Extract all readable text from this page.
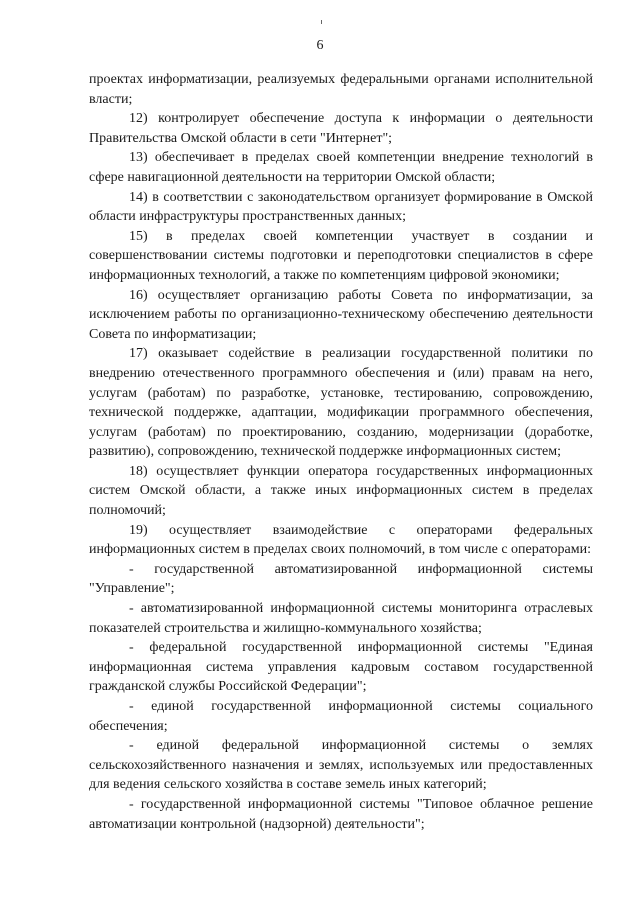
6

проектах информатизации, реализуемых федеральными органами исполнительной власти;

12) контролирует обеспечение доступа к информации о деятельности Правительства Омской области в сети "Интернет";

13) обеспечивает в пределах своей компетенции внедрение технологий в сфере навигационной деятельности на территории Омской области;

14) в соответствии с законодательством организует формирование в Омской области инфраструктуры пространственных данных;

15) в пределах своей компетенции участвует в создании и совершенствовании системы подготовки и переподготовки специалистов в сфере информационных технологий, а также по компетенциям цифровой экономики;

16) осуществляет организацию работы Совета по информатизации, за исключением работы по организационно-техническому обеспечению деятельности Совета по информатизации;

17) оказывает содействие в реализации государственной политики по внедрению отечественного программного обеспечения и (или) правам на него, услугам (работам) по разработке, установке, тестированию, сопровождению, технической поддержке, адаптации, модификации программного обеспечения, услугам (работам) по проектированию, созданию, модернизации (доработке, развитию), сопровождению, технической поддержке информационных систем;

18) осуществляет функции оператора государственных информационных систем Омской области, а также иных информационных систем в пределах полномочий;

19) осуществляет взаимодействие с операторами федеральных информационных систем в пределах своих полномочий, в том числе с операторами:

- государственной автоматизированной информационной системы "Управление";

- автоматизированной информационной системы мониторинга отраслевых показателей строительства и жилищно-коммунального хозяйства;

- федеральной государственной информационной системы "Единая информационная система управления кадровым составом государственной гражданской службы Российской Федерации";

- единой государственной информационной системы социального обеспечения;

- единой федеральной информационной системы о землях сельскохозяйственного назначения и землях, используемых или предоставленных для ведения сельского хозяйства в составе земель иных категорий;

- государственной информационной системы "Типовое облачное решение автоматизации контрольной (надзорной) деятельности";
